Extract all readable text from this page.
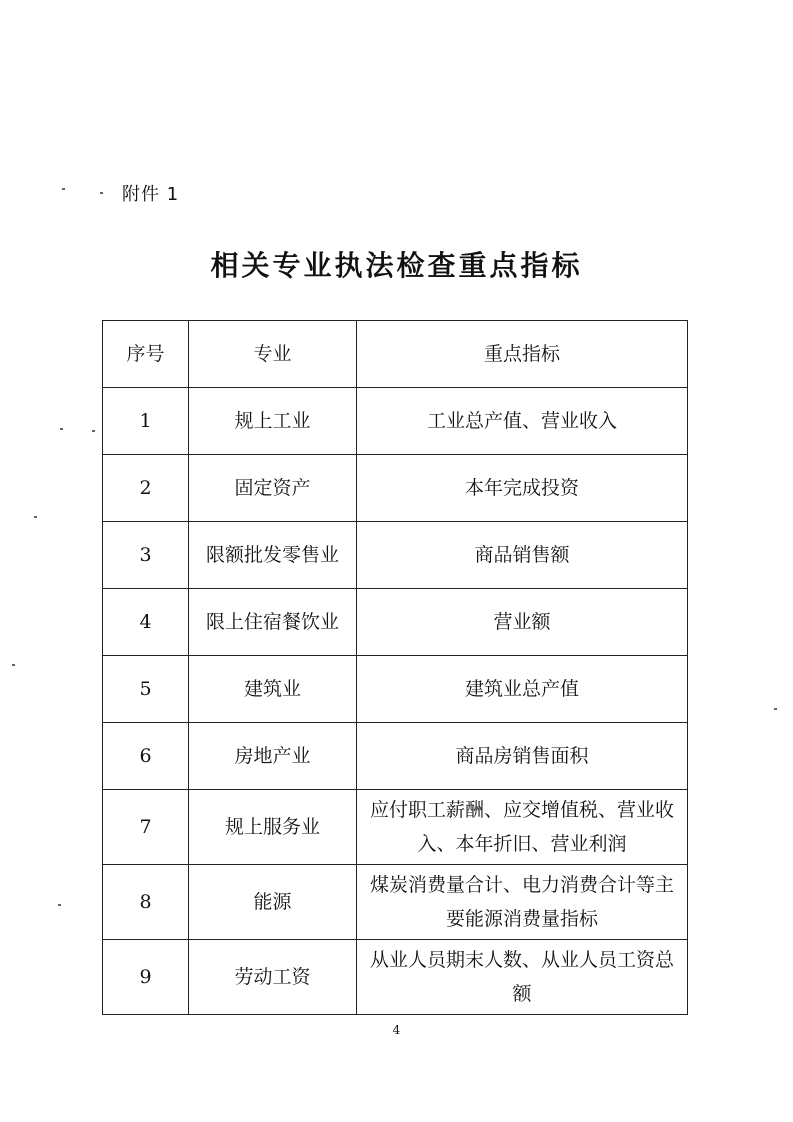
附件 1
相关专业执法检查重点指标
序号	专业	重点指标
1	规上工业	工业总产值、营业收入
2	固定资产	本年完成投资
3	限额批发零售业	商品销售额
4	限上住宿餐饮业	营业额
5	建筑业	建筑业总产值
6	房地产业	商品房销售面积
7	规上服务业	应付职工薪酬、应交增值税、营业收入、本年折旧、营业利润
8	能源	煤炭消费量合计、电力消费合计等主要能源消费量指标
9	劳动工资	从业人员期末人数、从业人员工资总额
4
